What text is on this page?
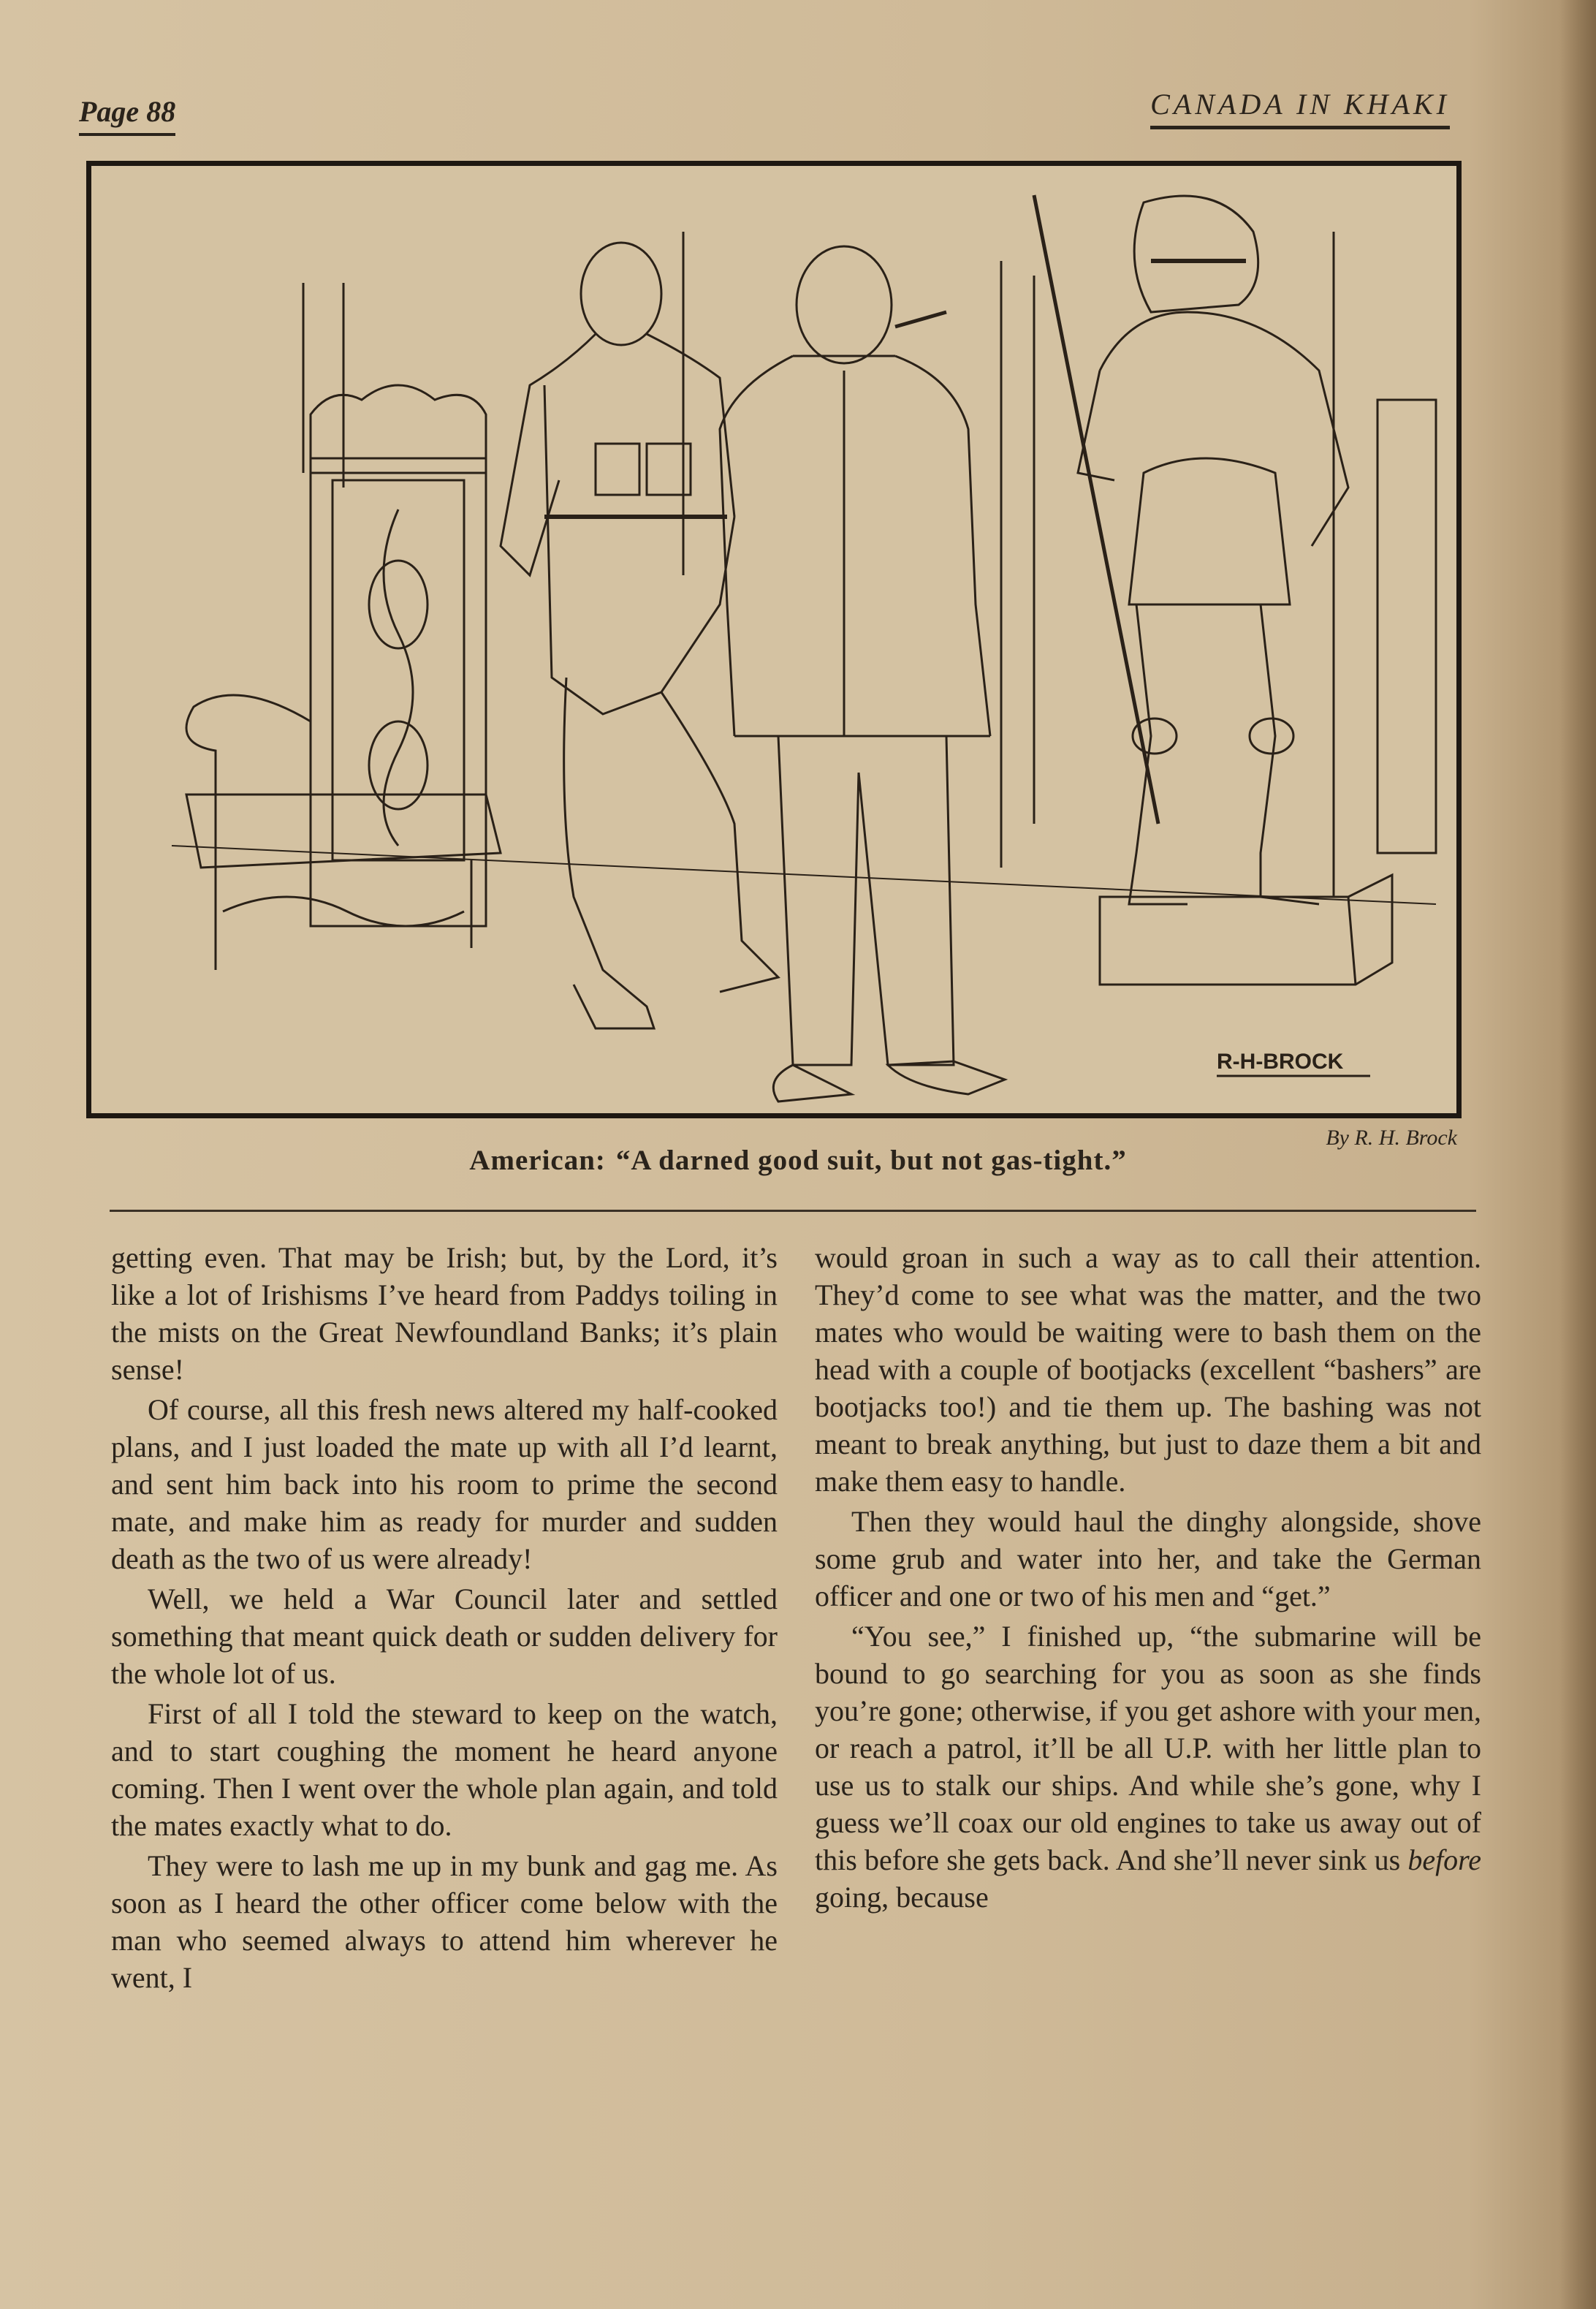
Page 88	CANADA IN KHAKI
R-H-BROCK
By R. H. Brock
American: “A darned good suit, but not gas-tight.”

getting even. That may be Irish; but, by the Lord, it’s like a lot of Irishisms I’ve heard from Paddys toiling in the mists on the Great Newfoundland Banks; it’s plain sense!

Of course, all this fresh news altered my half-cooked plans, and I just loaded the mate up with all I’d learnt, and sent him back into his room to prime the second mate, and make him as ready for murder and sudden death as the two of us were already!

Well, we held a War Council later and settled something that meant quick death or sudden delivery for the whole lot of us.

First of all I told the steward to keep on the watch, and to start coughing the moment he heard anyone coming. Then I went over the whole plan again, and told the mates exactly what to do.

They were to lash me up in my bunk and gag me. As soon as I heard the other officer come below with the man who seemed always to attend him wherever he went, I

would groan in such a way as to call their attention. They’d come to see what was the matter, and the two mates who would be waiting were to bash them on the head with a couple of bootjacks (excellent “bashers” are bootjacks too!) and tie them up. The bashing was not meant to break anything, but just to daze them a bit and make them easy to handle.

Then they would haul the dinghy alongside, shove some grub and water into her, and take the German officer and one or two of his men and “get.”

“You see,” I finished up, “the submarine will be bound to go searching for you as soon as she finds you’re gone; otherwise, if you get ashore with your men, or reach a patrol, it’ll be all U.P. with her little plan to use us to stalk our ships. And while she’s gone, why I guess we’ll coax our old engines to take us away out of this before she gets back. And she’ll never sink us before going, because
